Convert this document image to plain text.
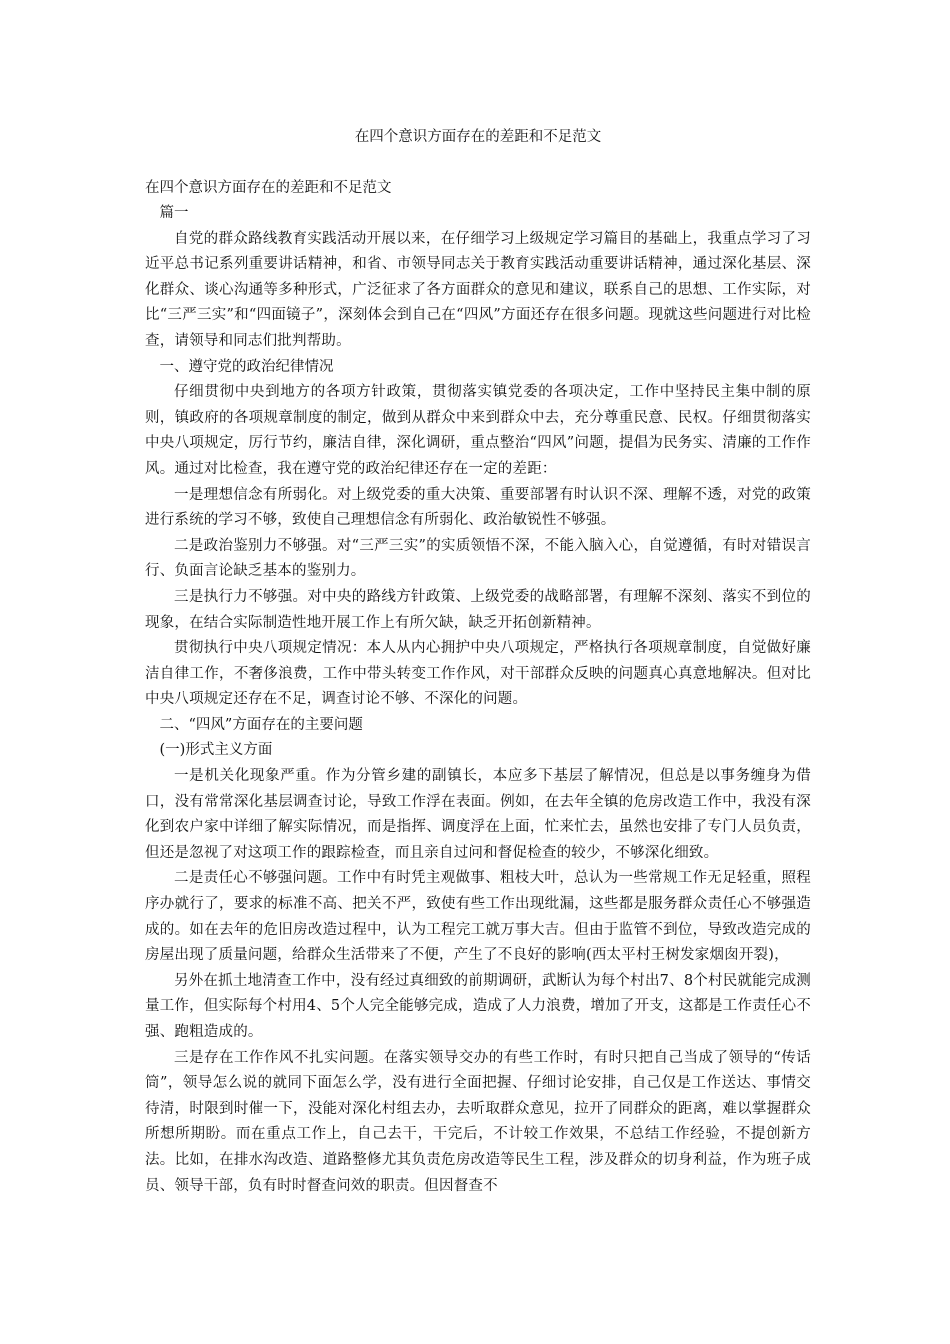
在四个意识方面存在的差距和不足范文

在四个意识方面存在的差距和不足范文

篇一

自党的群众路线教育实践活动开展以来，在仔细学习上级规定学习篇目的基础上，我重点学习了习近平总书记系列重要讲话精神，和省、市领导同志关于教育实践活动重要讲话精神，通过深化基层、深化群众、谈心沟通等多种形式，广泛征求了各方面群众的意见和建议，联系自己的思想、工作实际，对比“三严三实”和“四面镜子”，深刻体会到自己在“四风”方面还存在很多问题。现就这些问题进行对比检查，请领导和同志们批判帮助。

一、遵守党的政治纪律情况

仔细贯彻中央到地方的各项方针政策，贯彻落实镇党委的各项决定，工作中坚持民主集中制的原则，镇政府的各项规章制度的制定，做到从群众中来到群众中去，充分尊重民意、民权。仔细贯彻落实中央八项规定，厉行节约，廉洁自律，深化调研，重点整治“四风”问题，提倡为民务实、清廉的工作作风。通过对比检查，我在遵守党的政治纪律还存在一定的差距：

一是理想信念有所弱化。对上级党委的重大决策、重要部署有时认识不深、理解不透，对党的政策进行系统的学习不够，致使自己理想信念有所弱化、政治敏锐性不够强。

二是政治鉴别力不够强。对“三严三实”的实质领悟不深，不能入脑入心，自觉遵循，有时对错误言行、负面言论缺乏基本的鉴别力。

三是执行力不够强。对中央的路线方针政策、上级党委的战略部署，有理解不深刻、落实不到位的现象，在结合实际制造性地开展工作上有所欠缺，缺乏开拓创新精神。

贯彻执行中央八项规定情况：本人从内心拥护中央八项规定，严格执行各项规章制度，自觉做好廉洁自律工作，不奢侈浪费，工作中带头转变工作作风，对干部群众反映的问题真心真意地解决。但对比中央八项规定还存在不足，调查讨论不够、不深化的问题。

二、“四风”方面存在的主要问题

(一)形式主义方面

一是机关化现象严重。作为分管乡建的副镇长，本应多下基层了解情况，但总是以事务缠身为借口，没有常常深化基层调查讨论，导致工作浮在表面。例如，在去年全镇的危房改造工作中，我没有深化到农户家中详细了解实际情况，而是指挥、调度浮在上面，忙来忙去，虽然也安排了专门人员负责，但还是忽视了对这项工作的跟踪检查，而且亲自过问和督促检查的较少，不够深化细致。

二是责任心不够强问题。工作中有时凭主观做事、粗枝大叶，总认为一些常规工作无足轻重，照程序办就行了，要求的标准不高、把关不严，致使有些工作出现纰漏，这些都是服务群众责任心不够强造成的。如在去年的危旧房改造过程中，认为工程完工就万事大吉。但由于监管不到位，导致改造完成的房屋出现了质量问题，给群众生活带来了不便，产生了不良好的影响(西太平村王树发家烟囱开裂)，

另外在抓土地清查工作中，没有经过真细致的前期调研，武断认为每个村出7、8个村民就能完成测量工作，但实际每个村用4、5个人完全能够完成，造成了人力浪费，增加了开支，这都是工作责任心不强、跑粗造成的。

三是存在工作作风不扎实问题。在落实领导交办的有些工作时，有时只把自己当成了领导的“传话筒”，领导怎么说的就同下面怎么学，没有进行全面把握、仔细讨论安排，自己仅是工作送达、事情交待清，时限到时催一下，没能对深化村组去办，去听取群众意见，拉开了同群众的距离，难以掌握群众所想所期盼。而在重点工作上，自己去干，干完后，不计较工作效果，不总结工作经验，不提创新方法。比如，在排水沟改造、道路整修尤其负责危房改造等民生工程，涉及群众的切身利益，作为班子成员、领导干部，负有时时督查问效的职责。但因督查不
